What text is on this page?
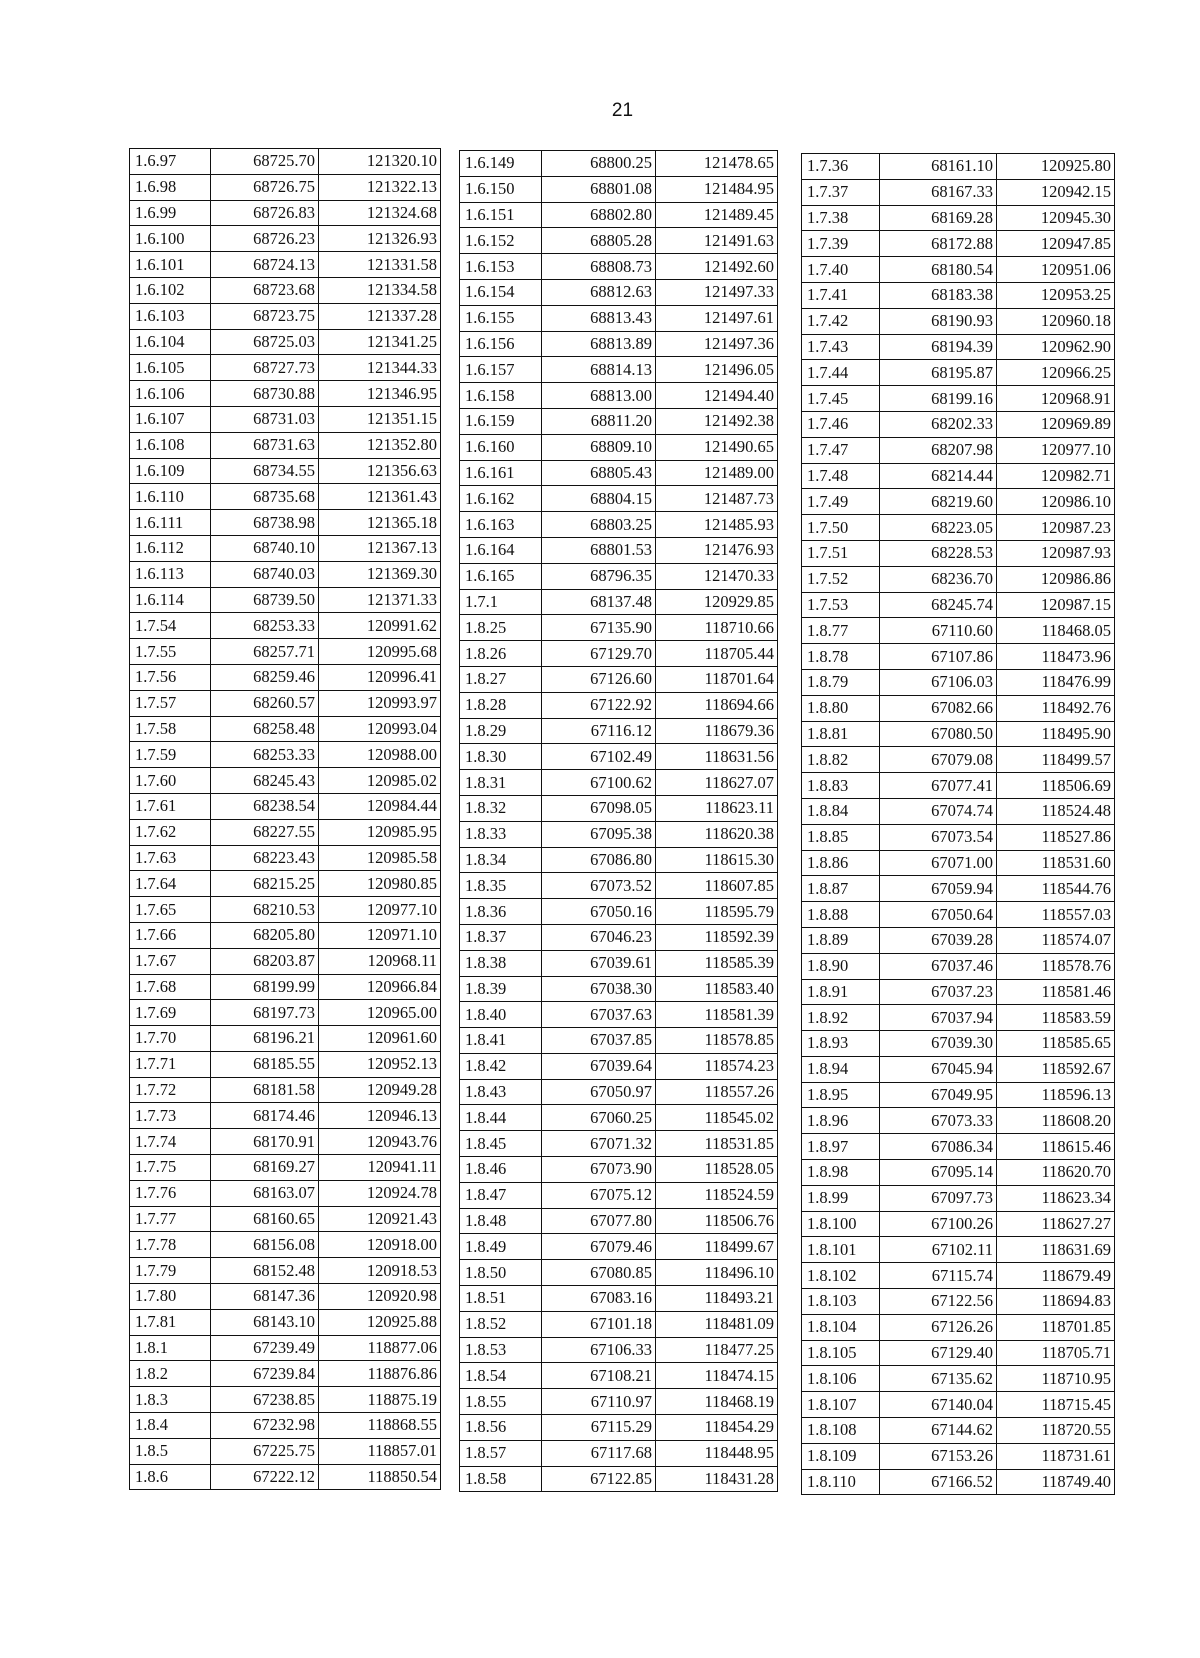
21
1.6.97	68725.70	121320.10
1.6.98	68726.75	121322.13
1.6.99	68726.83	121324.68
1.6.100	68726.23	121326.93
1.6.101	68724.13	121331.58
1.6.102	68723.68	121334.58
1.6.103	68723.75	121337.28
1.6.104	68725.03	121341.25
1.6.105	68727.73	121344.33
1.6.106	68730.88	121346.95
1.6.107	68731.03	121351.15
1.6.108	68731.63	121352.80
1.6.109	68734.55	121356.63
1.6.110	68735.68	121361.43
1.6.111	68738.98	121365.18
1.6.112	68740.10	121367.13
1.6.113	68740.03	121369.30
1.6.114	68739.50	121371.33
1.7.54	68253.33	120991.62
1.7.55	68257.71	120995.68
1.7.56	68259.46	120996.41
1.7.57	68260.57	120993.97
1.7.58	68258.48	120993.04
1.7.59	68253.33	120988.00
1.7.60	68245.43	120985.02
1.7.61	68238.54	120984.44
1.7.62	68227.55	120985.95
1.7.63	68223.43	120985.58
1.7.64	68215.25	120980.85
1.7.65	68210.53	120977.10
1.7.66	68205.80	120971.10
1.7.67	68203.87	120968.11
1.7.68	68199.99	120966.84
1.7.69	68197.73	120965.00
1.7.70	68196.21	120961.60
1.7.71	68185.55	120952.13
1.7.72	68181.58	120949.28
1.7.73	68174.46	120946.13
1.7.74	68170.91	120943.76
1.7.75	68169.27	120941.11
1.7.76	68163.07	120924.78
1.7.77	68160.65	120921.43
1.7.78	68156.08	120918.00
1.7.79	68152.48	120918.53
1.7.80	68147.36	120920.98
1.7.81	68143.10	120925.88
1.8.1	67239.49	118877.06
1.8.2	67239.84	118876.86
1.8.3	67238.85	118875.19
1.8.4	67232.98	118868.55
1.8.5	67225.75	118857.01
1.8.6	67222.12	118850.54
1.6.149	68800.25	121478.65
1.6.150	68801.08	121484.95
1.6.151	68802.80	121489.45
1.6.152	68805.28	121491.63
1.6.153	68808.73	121492.60
1.6.154	68812.63	121497.33
1.6.155	68813.43	121497.61
1.6.156	68813.89	121497.36
1.6.157	68814.13	121496.05
1.6.158	68813.00	121494.40
1.6.159	68811.20	121492.38
1.6.160	68809.10	121490.65
1.6.161	68805.43	121489.00
1.6.162	68804.15	121487.73
1.6.163	68803.25	121485.93
1.6.164	68801.53	121476.93
1.6.165	68796.35	121470.33
1.7.1	68137.48	120929.85
1.8.25	67135.90	118710.66
1.8.26	67129.70	118705.44
1.8.27	67126.60	118701.64
1.8.28	67122.92	118694.66
1.8.29	67116.12	118679.36
1.8.30	67102.49	118631.56
1.8.31	67100.62	118627.07
1.8.32	67098.05	118623.11
1.8.33	67095.38	118620.38
1.8.34	67086.80	118615.30
1.8.35	67073.52	118607.85
1.8.36	67050.16	118595.79
1.8.37	67046.23	118592.39
1.8.38	67039.61	118585.39
1.8.39	67038.30	118583.40
1.8.40	67037.63	118581.39
1.8.41	67037.85	118578.85
1.8.42	67039.64	118574.23
1.8.43	67050.97	118557.26
1.8.44	67060.25	118545.02
1.8.45	67071.32	118531.85
1.8.46	67073.90	118528.05
1.8.47	67075.12	118524.59
1.8.48	67077.80	118506.76
1.8.49	67079.46	118499.67
1.8.50	67080.85	118496.10
1.8.51	67083.16	118493.21
1.8.52	67101.18	118481.09
1.8.53	67106.33	118477.25
1.8.54	67108.21	118474.15
1.8.55	67110.97	118468.19
1.8.56	67115.29	118454.29
1.8.57	67117.68	118448.95
1.8.58	67122.85	118431.28
1.7.36	68161.10	120925.80
1.7.37	68167.33	120942.15
1.7.38	68169.28	120945.30
1.7.39	68172.88	120947.85
1.7.40	68180.54	120951.06
1.7.41	68183.38	120953.25
1.7.42	68190.93	120960.18
1.7.43	68194.39	120962.90
1.7.44	68195.87	120966.25
1.7.45	68199.16	120968.91
1.7.46	68202.33	120969.89
1.7.47	68207.98	120977.10
1.7.48	68214.44	120982.71
1.7.49	68219.60	120986.10
1.7.50	68223.05	120987.23
1.7.51	68228.53	120987.93
1.7.52	68236.70	120986.86
1.7.53	68245.74	120987.15
1.8.77	67110.60	118468.05
1.8.78	67107.86	118473.96
1.8.79	67106.03	118476.99
1.8.80	67082.66	118492.76
1.8.81	67080.50	118495.90
1.8.82	67079.08	118499.57
1.8.83	67077.41	118506.69
1.8.84	67074.74	118524.48
1.8.85	67073.54	118527.86
1.8.86	67071.00	118531.60
1.8.87	67059.94	118544.76
1.8.88	67050.64	118557.03
1.8.89	67039.28	118574.07
1.8.90	67037.46	118578.76
1.8.91	67037.23	118581.46
1.8.92	67037.94	118583.59
1.8.93	67039.30	118585.65
1.8.94	67045.94	118592.67
1.8.95	67049.95	118596.13
1.8.96	67073.33	118608.20
1.8.97	67086.34	118615.46
1.8.98	67095.14	118620.70
1.8.99	67097.73	118623.34
1.8.100	67100.26	118627.27
1.8.101	67102.11	118631.69
1.8.102	67115.74	118679.49
1.8.103	67122.56	118694.83
1.8.104	67126.26	118701.85
1.8.105	67129.40	118705.71
1.8.106	67135.62	118710.95
1.8.107	67140.04	118715.45
1.8.108	67144.62	118720.55
1.8.109	67153.26	118731.61
1.8.110	67166.52	118749.40
